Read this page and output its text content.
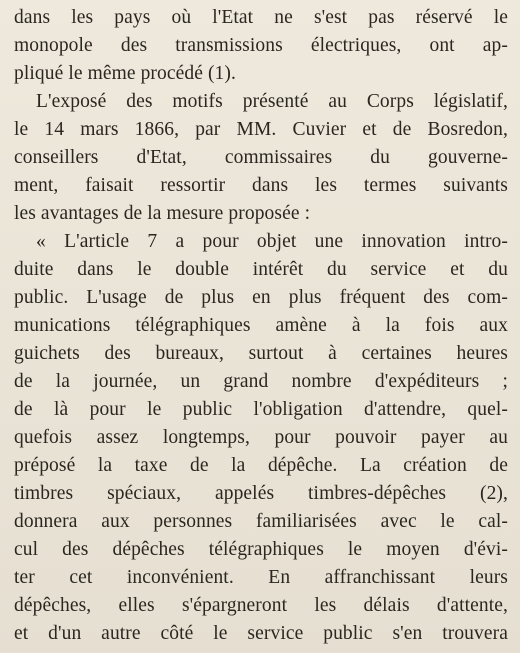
dans les pays où l'Etat ne s'est pas réservé le
monopole des transmissions électriques, ont ap-
pliqué le même procédé (1).
L'exposé des motifs présenté au Corps législatif,
le 14 mars 1866, par MM. Cuvier et de Bosredon,
conseillers d'Etat, commissaires du gouverne-
ment, faisait ressortir dans les termes suivants
les avantages de la mesure proposée :
« L'article 7 a pour objet une innovation intro-
duite dans le double intérêt du service et du
public. L'usage de plus en plus fréquent des com-
munications télégraphiques amène à la fois aux
guichets des bureaux, surtout à certaines heures
de la journée, un grand nombre d'expéditeurs ;
de là pour le public l'obligation d'attendre, quel-
quefois assez longtemps, pour pouvoir payer au
préposé la taxe de la dépêche. La création de
timbres spéciaux, appelés timbres-dépêches (2),
donnera aux personnes familiarisées avec le cal-
cul des dépêches télégraphiques le moyen d'évi-
ter cet inconvénient. En affranchissant leurs
dépêches, elles s'épargneront les délais d'attente,
et d'un autre côté le service public s'en trouvera
